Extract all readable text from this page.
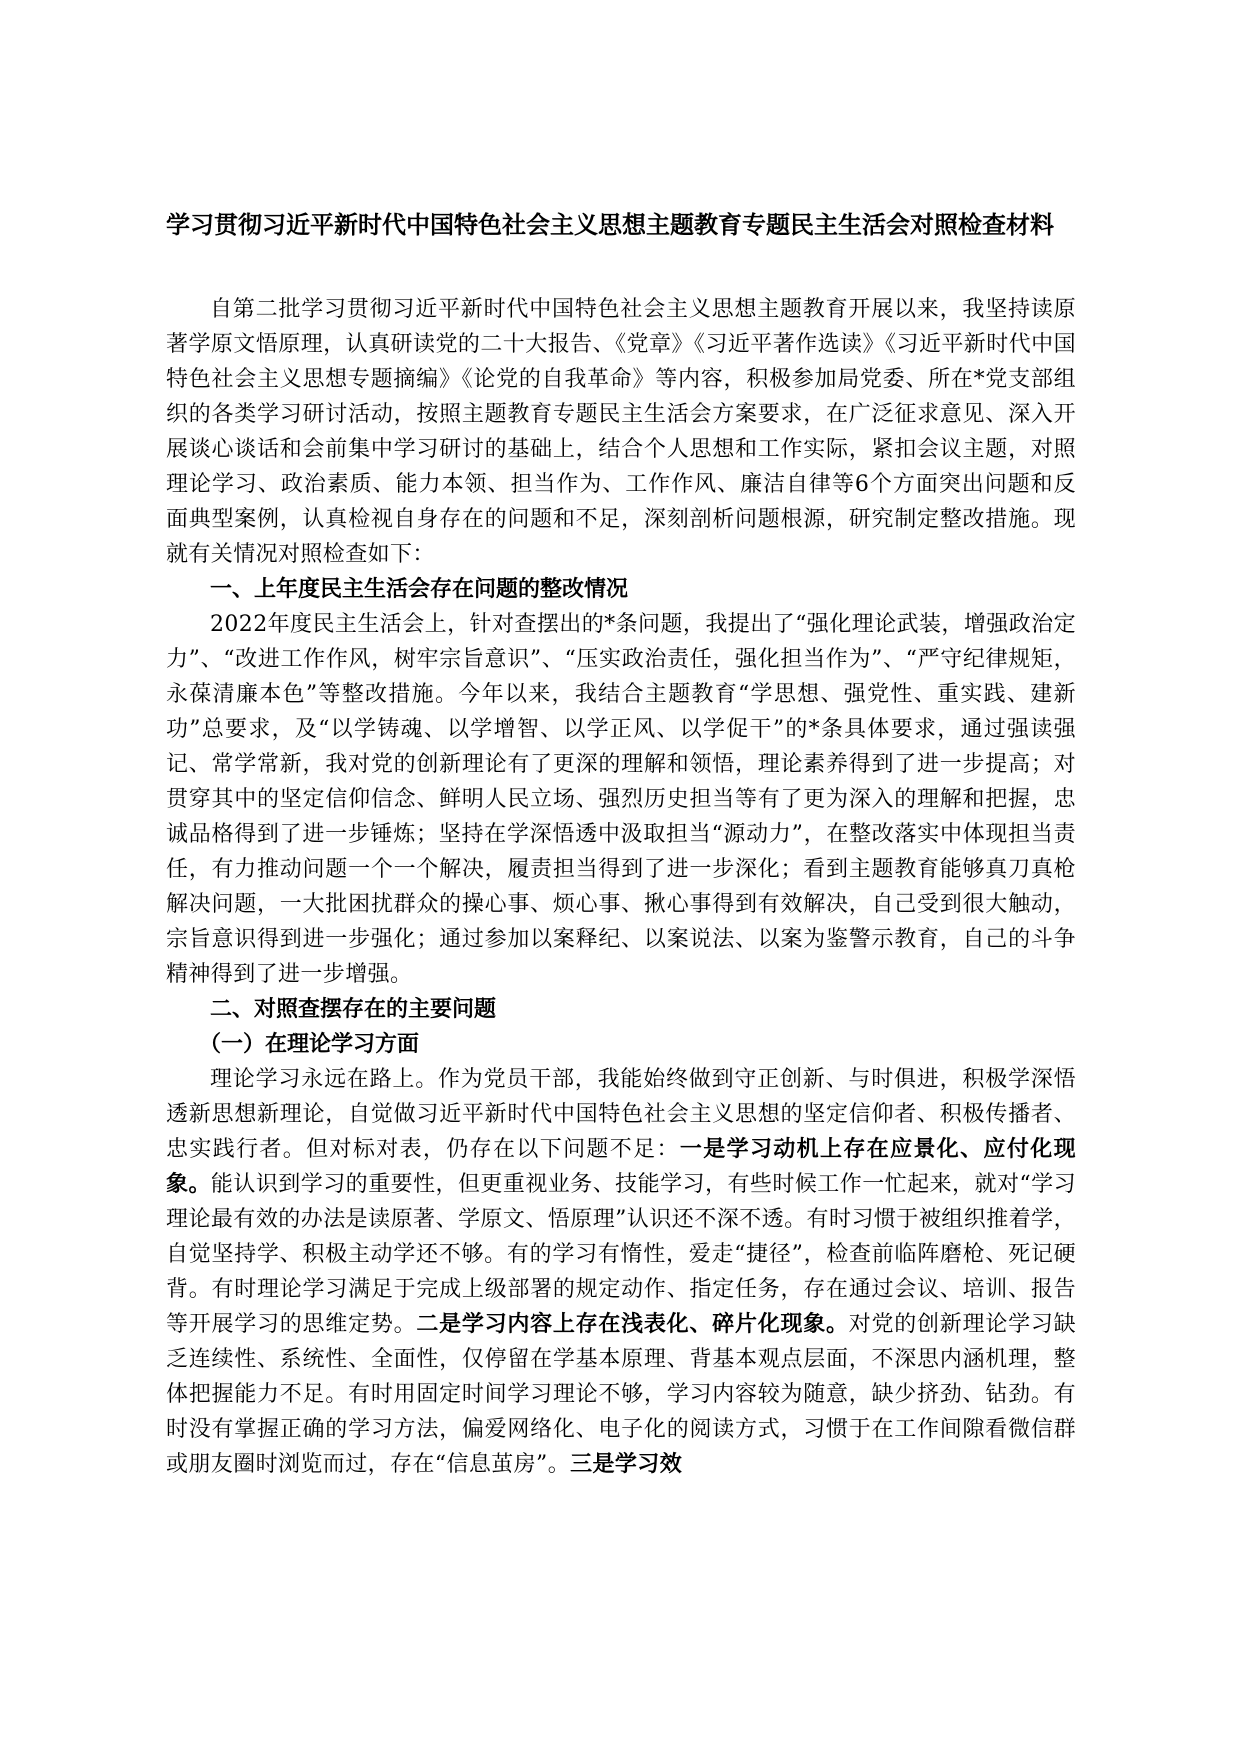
学习贯彻习近平新时代中国特色社会主义思想主题教育专题民主生活会对照检查材料

自第二批学习贯彻习近平新时代中国特色社会主义思想主题教育开展以来，我坚持读原著学原文悟原理，认真研读党的二十大报告、《党章》《习近平著作选读》《习近平新时代中国特色社会主义思想专题摘编》《论党的自我革命》等内容，积极参加局党委、所在*党支部组织的各类学习研讨活动，按照主题教育专题民主生活会方案要求，在广泛征求意见、深入开展谈心谈话和会前集中学习研讨的基础上，结合个人思想和工作实际，紧扣会议主题，对照理论学习、政治素质、能力本领、担当作为、工作作风、廉洁自律等6个方面突出问题和反面典型案例，认真检视自身存在的问题和不足，深刻剖析问题根源，研究制定整改措施。现就有关情况对照检查如下：

一、上年度民主生活会存在问题的整改情况

2022年度民主生活会上，针对查摆出的*条问题，我提出了“强化理论武装，增强政治定力”、“改进工作作风，树牢宗旨意识”、“压实政治责任，强化担当作为”、“严守纪律规矩，永葆清廉本色”等整改措施。今年以来，我结合主题教育“学思想、强党性、重实践、建新功”总要求，及“以学铸魂、以学增智、以学正风、以学促干”的*条具体要求，通过强读强记、常学常新，我对党的创新理论有了更深的理解和领悟，理论素养得到了进一步提高；对贯穿其中的坚定信仰信念、鲜明人民立场、强烈历史担当等有了更为深入的理解和把握，忠诚品格得到了进一步锤炼；坚持在学深悟透中汲取担当“源动力”，在整改落实中体现担当责任，有力推动问题一个一个解决，履责担当得到了进一步深化；看到主题教育能够真刀真枪解决问题，一大批困扰群众的操心事、烦心事、揪心事得到有效解决，自己受到很大触动，宗旨意识得到进一步强化；通过参加以案释纪、以案说法、以案为鉴警示教育，自己的斗争精神得到了进一步增强。

二、对照查摆存在的主要问题
（一）在理论学习方面

理论学习永远在路上。作为党员干部，我能始终做到守正创新、与时俱进，积极学深悟透新思想新理论，自觉做习近平新时代中国特色社会主义思想的坚定信仰者、积极传播者、忠实践行者。但对标对表，仍存在以下问题不足：一是学习动机上存在应景化、应付化现象。能认识到学习的重要性，但更重视业务、技能学习，有些时候工作一忙起来，就对“学习理论最有效的办法是读原著、学原文、悟原理”认识还不深不透。有时习惯于被组织推着学，自觉坚持学、积极主动学还不够。有的学习有惰性，爱走“捷径”，检查前临阵磨枪、死记硬背。有时理论学习满足于完成上级部署的规定动作、指定任务，存在通过会议、培训、报告等开展学习的思维定势。二是学习内容上存在浅表化、碎片化现象。对党的创新理论学习缺乏连续性、系统性、全面性，仅停留在学基本原理、背基本观点层面，不深思内涵机理，整体把握能力不足。有时用固定时间学习理论不够，学习内容较为随意，缺少挤劲、钻劲。有时没有掌握正确的学习方法，偏爱网络化、电子化的阅读方式，习惯于在工作间隙看微信群或朋友圈时浏览而过，存在“信息茧房”。三是学习效
